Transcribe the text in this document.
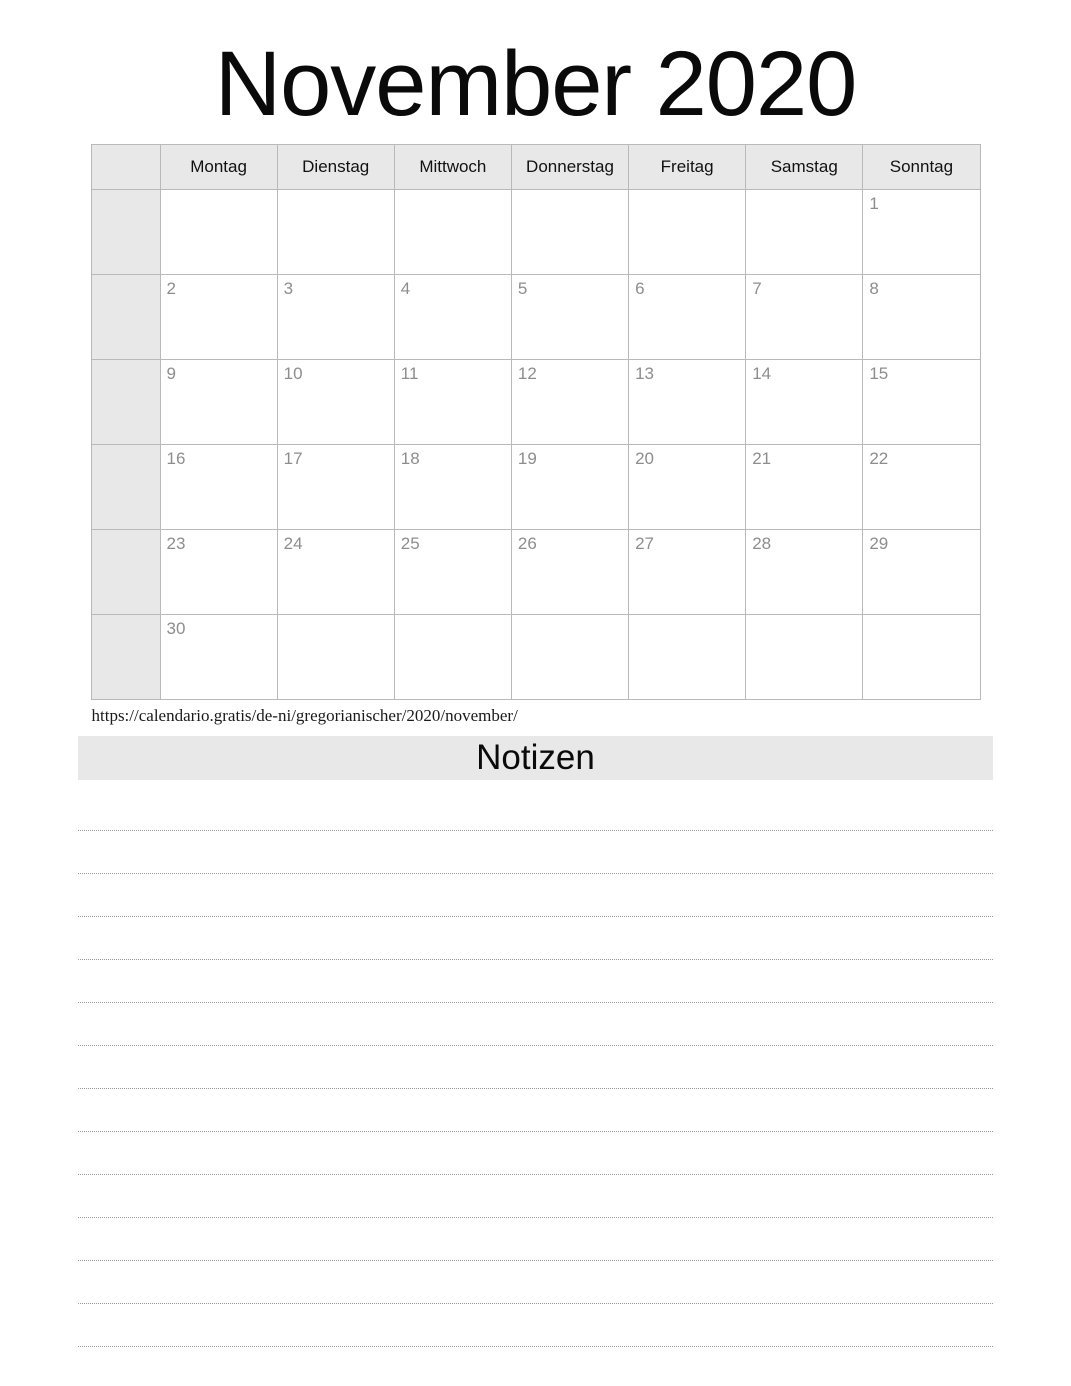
November 2020
	Montag	Dienstag	Mittwoch	Donnerstag	Freitag	Samstag	Sonntag

							1

	2	3	4	5	6	7	8

	9	10	11	12	13	14	15

	16	17	18	19	20	21	22

	23	24	25	26	27	28	29

	30						

https://calendario.gratis/de-ni/gregorianischer/2020/november/
Notizen
